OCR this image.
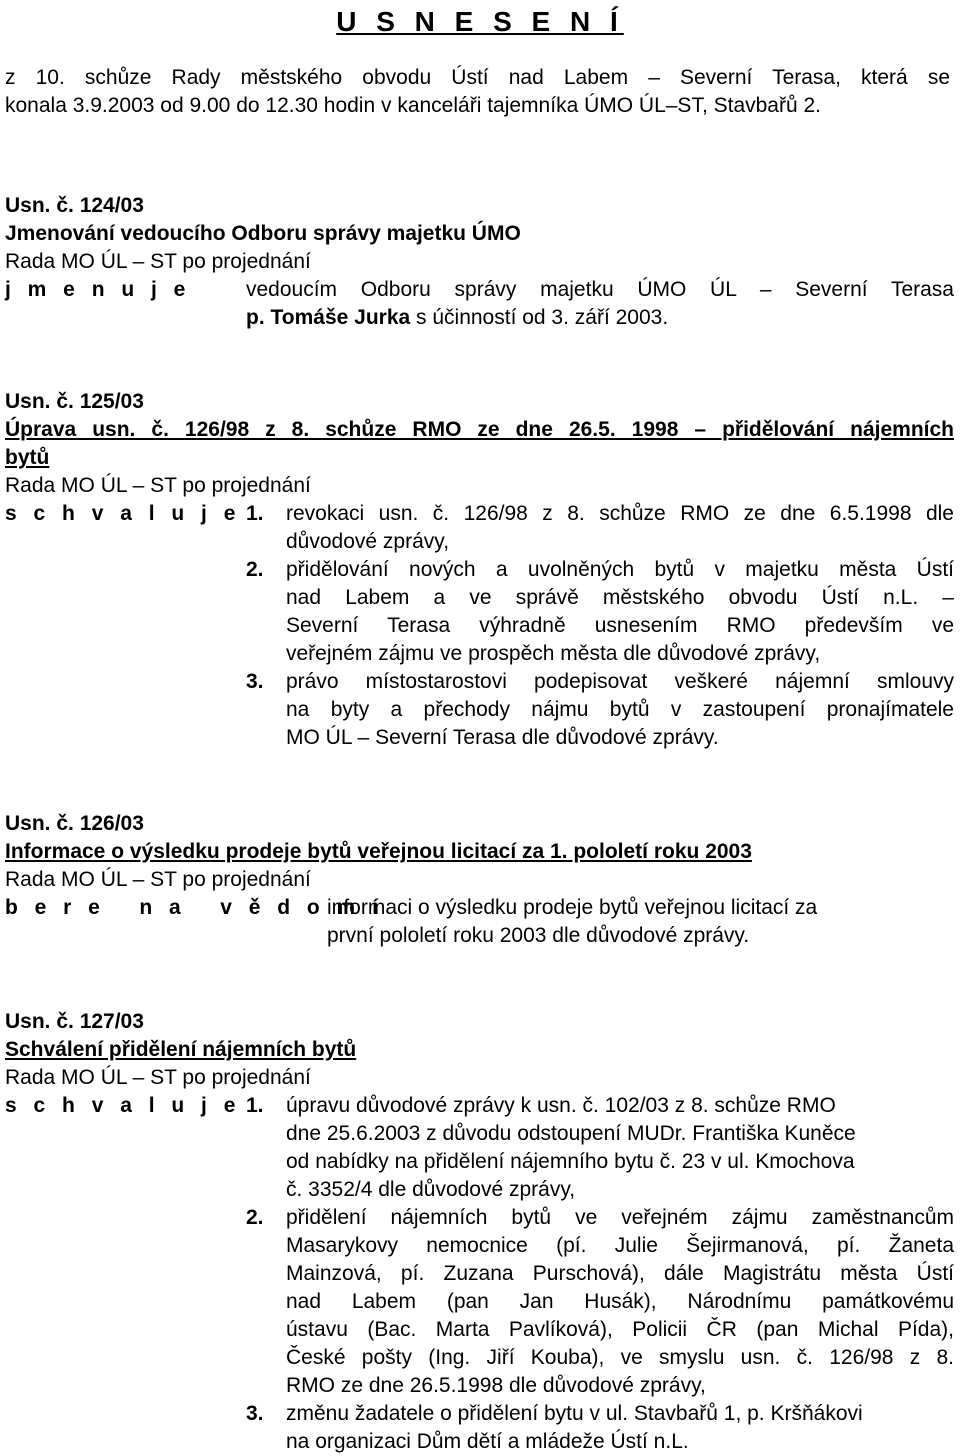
U S N E S E N Í
z 10. schůze Rady městského obvodu Ústí nad Labem – Severní Terasa, která se
konala 3.9.2003 od 9.00 do 12.30 hodin v kanceláři tajemníka ÚMO ÚL–ST, Stavbařů 2.
Usn. č. 124/03
Jmenování vedoucího Odboru správy majetku ÚMO
Rada MO ÚL – ST po projednání
j m e n u j e	vedoucím Odboru správy majetku ÚMO ÚL – Severní Terasa
p. Tomáše Jurka s účinností od 3. září 2003.
Usn. č. 125/03
Úprava usn. č. 126/98 z 8. schůze RMO ze dne 26.5. 1998 – přidělování nájemních
bytů
Rada MO ÚL – ST po projednání
s c h v a l u j e 1. revokaci usn. č. 126/98 z 8. schůze RMO ze dne 6.5.1998 dle
důvodové zprávy,
2. přidělování nových a uvolněných bytů v majetku města Ústí
nad Labem a ve správě městského obvodu Ústí n.L. –
Severní Terasa výhradně usnesením RMO především ve
veřejném zájmu ve prospěch města dle důvodové zprávy,
3. právo místostarostovi podepisovat veškeré nájemní smlouvy
na byty a přechody nájmu bytů v zastoupení pronajímatele
MO ÚL – Severní Terasa dle důvodové zprávy.
Usn. č. 126/03
Informace o výsledku prodeje bytů veřejnou licitací za 1. pololetí roku 2003
Rada MO ÚL – ST po projednání
b e r e   n a   v ě d o m í
informaci o výsledku prodeje bytů veřejnou licitací za
první pololetí roku 2003 dle důvodové zprávy.
Usn. č. 127/03
Schválení přidělení nájemních bytů
Rada MO ÚL – ST po projednání
s c h v a l u j e 1. úpravu důvodové zprávy k usn. č. 102/03 z 8. schůze RMO
dne 25.6.2003 z důvodu odstoupení MUDr. Františka Kuněce
od nabídky na přidělení nájemního bytu č. 23 v ul. Kmochova
č. 3352/4 dle důvodové zprávy,
2. přidělení nájemních bytů ve veřejném zájmu zaměstnancům
Masarykovy nemocnice (pí. Julie Šejirmanová, pí. Žaneta
Mainzová, pí. Zuzana Purschová), dále Magistrátu města Ústí
nad Labem (pan Jan Husák), Národnímu památkovému
ústavu (Bac. Marta Pavlíková), Policii ČR (pan Michal Pída),
České pošty (Ing. Jiří Kouba), ve smyslu usn. č. 126/98 z 8.
RMO ze dne 26.5.1998 dle důvodové zprávy,
3. změnu žadatele o přidělení bytu v ul. Stavbařů 1, p. Kršňákovi
na organizaci Dům dětí a mládeže Ústí n.L.
